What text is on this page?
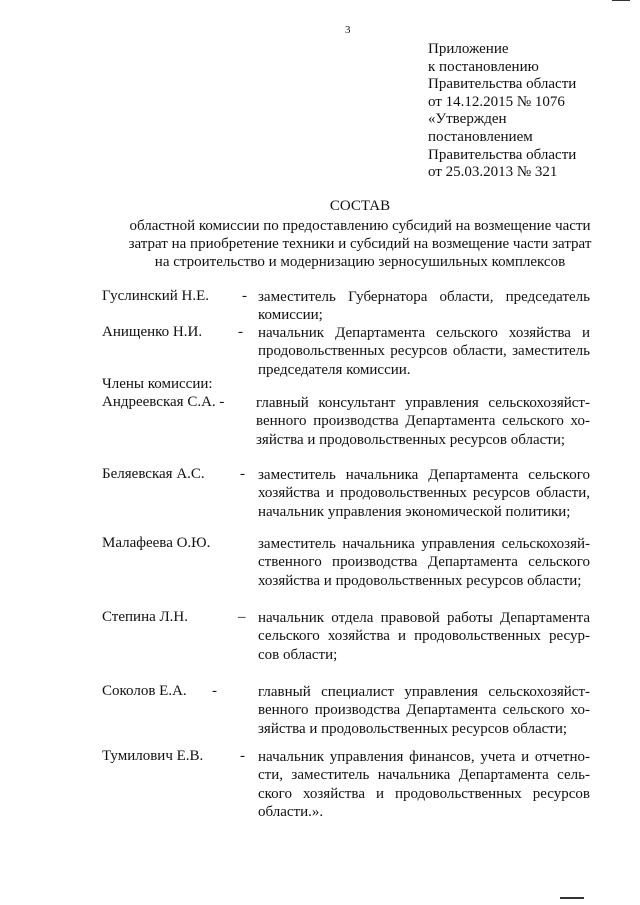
3
Приложение
к постановлению
Правительства области
от 14.12.2015 № 1076
«Утвержден
постановлением
Правительства области
от 25.03.2013 № 321
СОСТАВ
областной комиссии по предоставлению субсидий на возмещение части
затрат на приобретение техники и субсидий на возмещение части затрат
на строительство и модернизацию зерносушильных комплексов
Гуслинский Н.Е. - заместитель Губернатора области, председатель
комиссии;
Анищенко Н.И. - начальник Департамента сельского хозяйства и
продовольственных ресурсов области, заместитель
председателя комиссии.
Члены комиссии:
Андреевская С.А. - главный консультант управления сельскохозяйст-
венного производства Департамента сельского хо-
зяйства и продовольственных ресурсов области;
Беляевская А.С. - заместитель начальника Департамента сельского
хозяйства и продовольственных ресурсов области,
начальник управления экономической политики;
Малафеева О.Ю.	заместитель начальника управления сельскохозяй-
ственного производства Департамента сельского
хозяйства и продовольственных ресурсов области;
Степина Л.Н.	– начальник отдела правовой работы Департамента
сельского хозяйства и продовольственных ресур-
сов области;
Соколов Е.А. -	главный специалист управления сельскохозяйст-
венного производства Департамента сельского хо-
зяйства и продовольственных ресурсов области;
Тумилович Е.В. - начальник управления финансов, учета и отчетно-
сти, заместитель начальника Департамента сель-
ского хозяйства и продовольственных ресурсов
области.».
